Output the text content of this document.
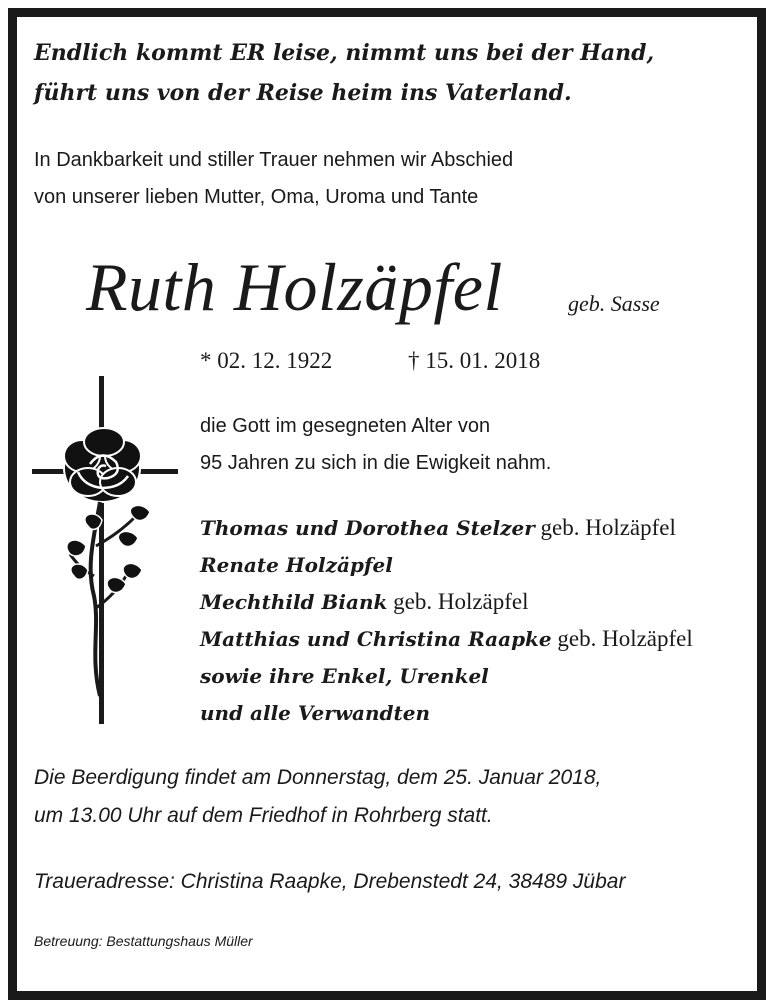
Endlich kommt ER leise, nimmt uns bei der Hand,

führt uns von der Reise heim ins Vaterland.

In Dankbarkeit und stiller Trauer nehmen wir Abschied

von unserer lieben Mutter, Oma, Uroma und Tante

Ruth Holzäpfel	geb. Sasse

* 02. 12. 1922	† 15. 01. 2018

die Gott im gesegneten Alter von

95 Jahren zu sich in die Ewigkeit nahm.

Thomas und Dorothea Stelzer geb. Holzäpfel

Renate Holzäpfel

Mechthild Biank geb. Holzäpfel

Matthias und Christina Raapke geb. Holzäpfel

sowie ihre Enkel, Urenkel

und alle Verwandten

Die Beerdigung findet am Donnerstag, dem 25. Januar 2018,

um 13.00 Uhr auf dem Friedhof in Rohrberg statt.

Traueradresse: Christina Raapke, Drebenstedt 24, 38489 Jübar

Betreuung: Bestattungshaus Müller
